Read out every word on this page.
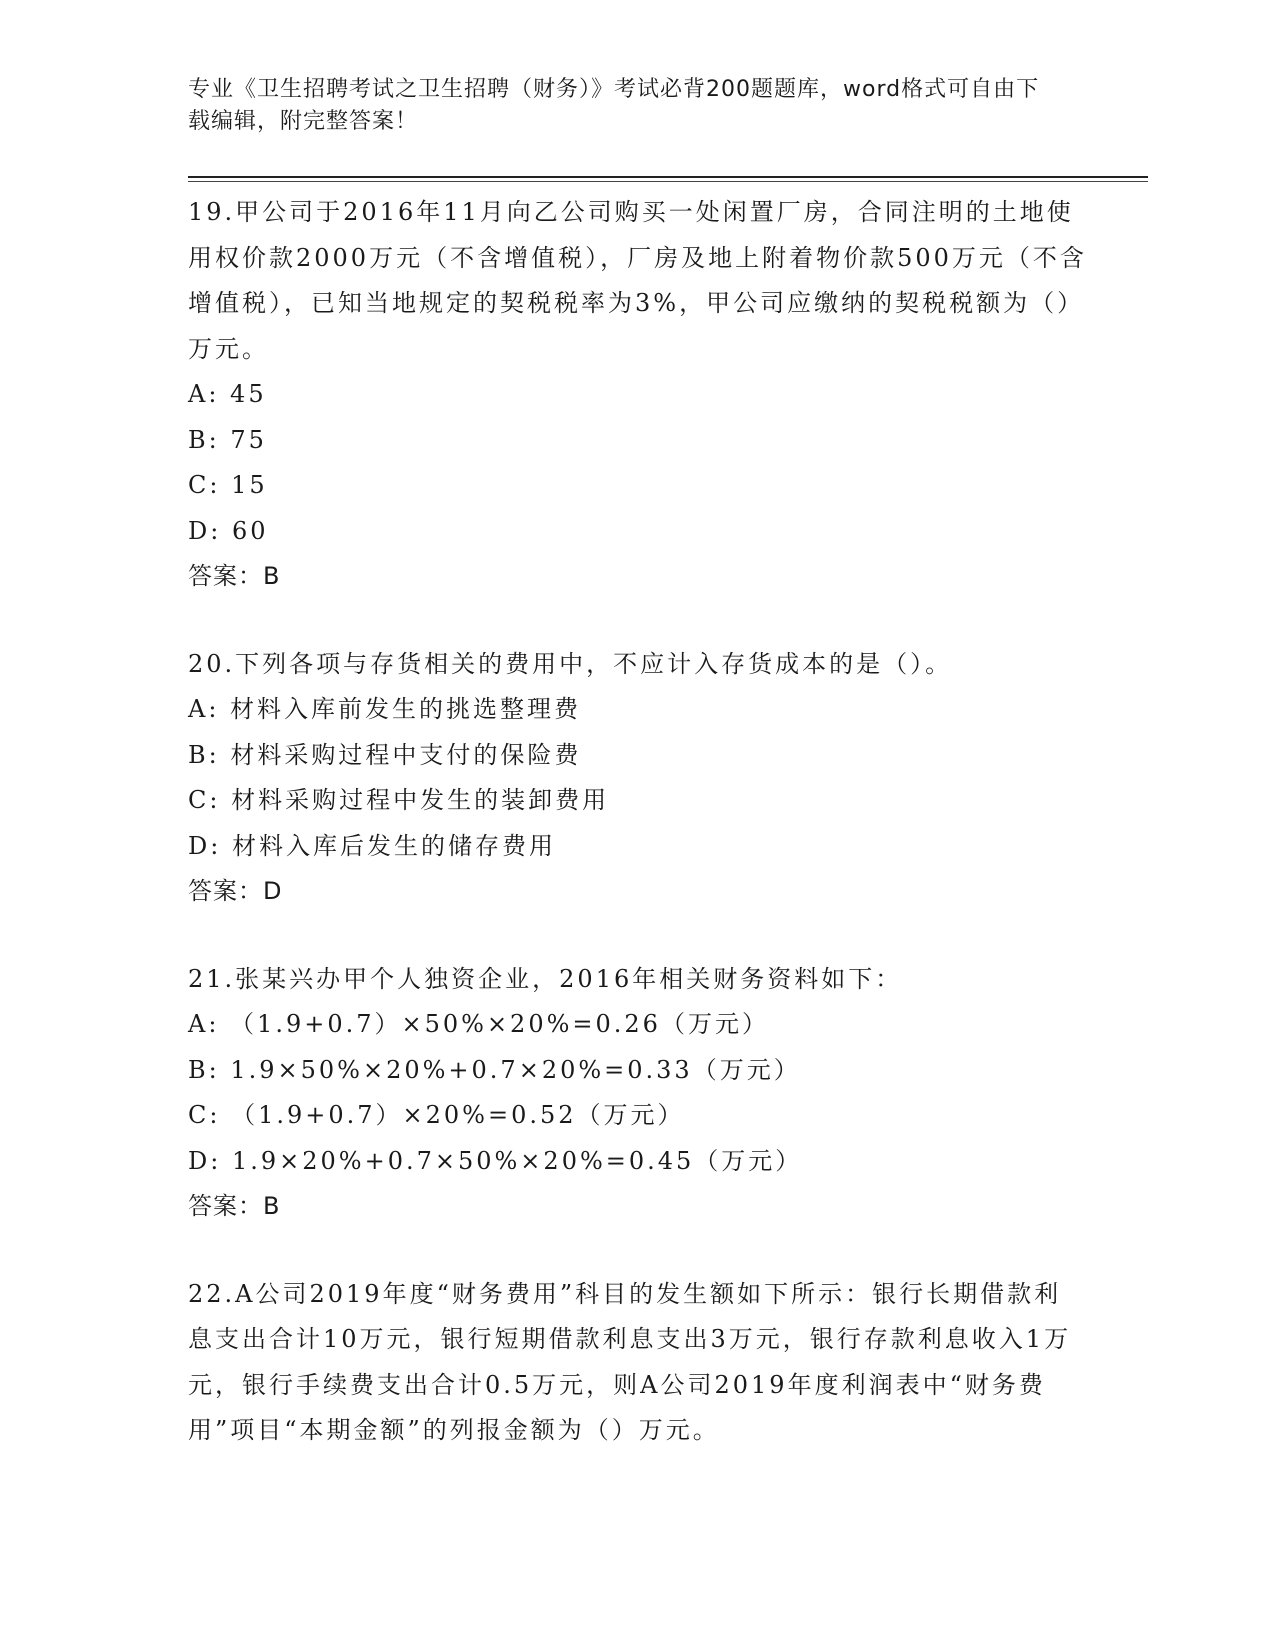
专业《卫生招聘考试之卫生招聘（财务）》考试必背200题题库，word格式可自由下载编辑，附完整答案！
19.甲公司于2016年11月向乙公司购买一处闲置厂房，合同注明的土地使用权价款2000万元（不含增值税），厂房及地上附着物价款500万元（不含增值税），已知当地规定的契税税率为3%，甲公司应缴纳的契税税额为（）万元。
A: 45
B: 75
C: 15
D: 60
答案：B
20.下列各项与存货相关的费用中，不应计入存货成本的是（）。
A: 材料入库前发生的挑选整理费
B: 材料采购过程中支付的保险费
C: 材料采购过程中发生的装卸费用
D: 材料入库后发生的储存费用
答案：D
21.张某兴办甲个人独资企业，2016年相关财务资料如下：
A: （1.9+0.7）×50%×20%=0.26（万元）
B: 1.9×50%×20%+0.7×20%=0.33（万元）
C: （1.9+0.7）×20%=0.52（万元）
D: 1.9×20%+0.7×50%×20%=0.45（万元）
答案：B
22.A公司2019年度“财务费用”科目的发生额如下所示：银行长期借款利息支出合计10万元，银行短期借款利息支出3万元，银行存款利息收入1万元，银行手续费支出合计0.5万元，则A公司2019年度利润表中“财务费用”项目“本期金额”的列报金额为（）万元。
